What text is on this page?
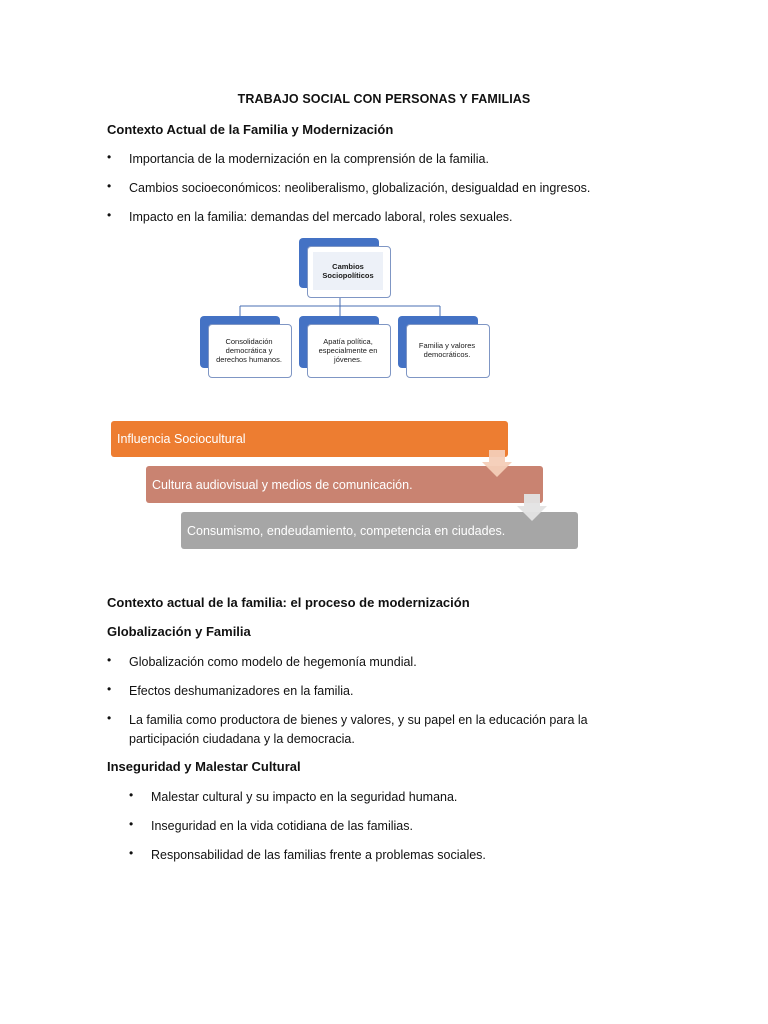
TRABAJO SOCIAL CON PERSONAS Y FAMILIAS
Contexto Actual de la Familia y Modernización
• Importancia de la modernización en la comprensión de la familia.
• Cambios socioeconómicos: neoliberalismo, globalización, desigualdad en ingresos.
• Impacto en la familia: demandas del mercado laboral, roles sexuales.
Cambios Sociopolíticos
Consolidación democrática y derechos humanos.
Apatía política, especialmente en jóvenes.
Familia y valores democráticos.
Influencia Sociocultural
Cultura audiovisual y medios de comunicación.
Consumismo, endeudamiento, competencia en ciudades.
Contexto actual de la familia: el proceso de modernización
Globalización y Familia
• Globalización como modelo de hegemonía mundial.
• Efectos deshumanizadores en la familia.
• La familia como productora de bienes y valores, y su papel en la educación para la participación ciudadana y la democracia.
Inseguridad y Malestar Cultural
• Malestar cultural y su impacto en la seguridad humana.
• Inseguridad en la vida cotidiana de las familias.
• Responsabilidad de las familias frente a problemas sociales.
